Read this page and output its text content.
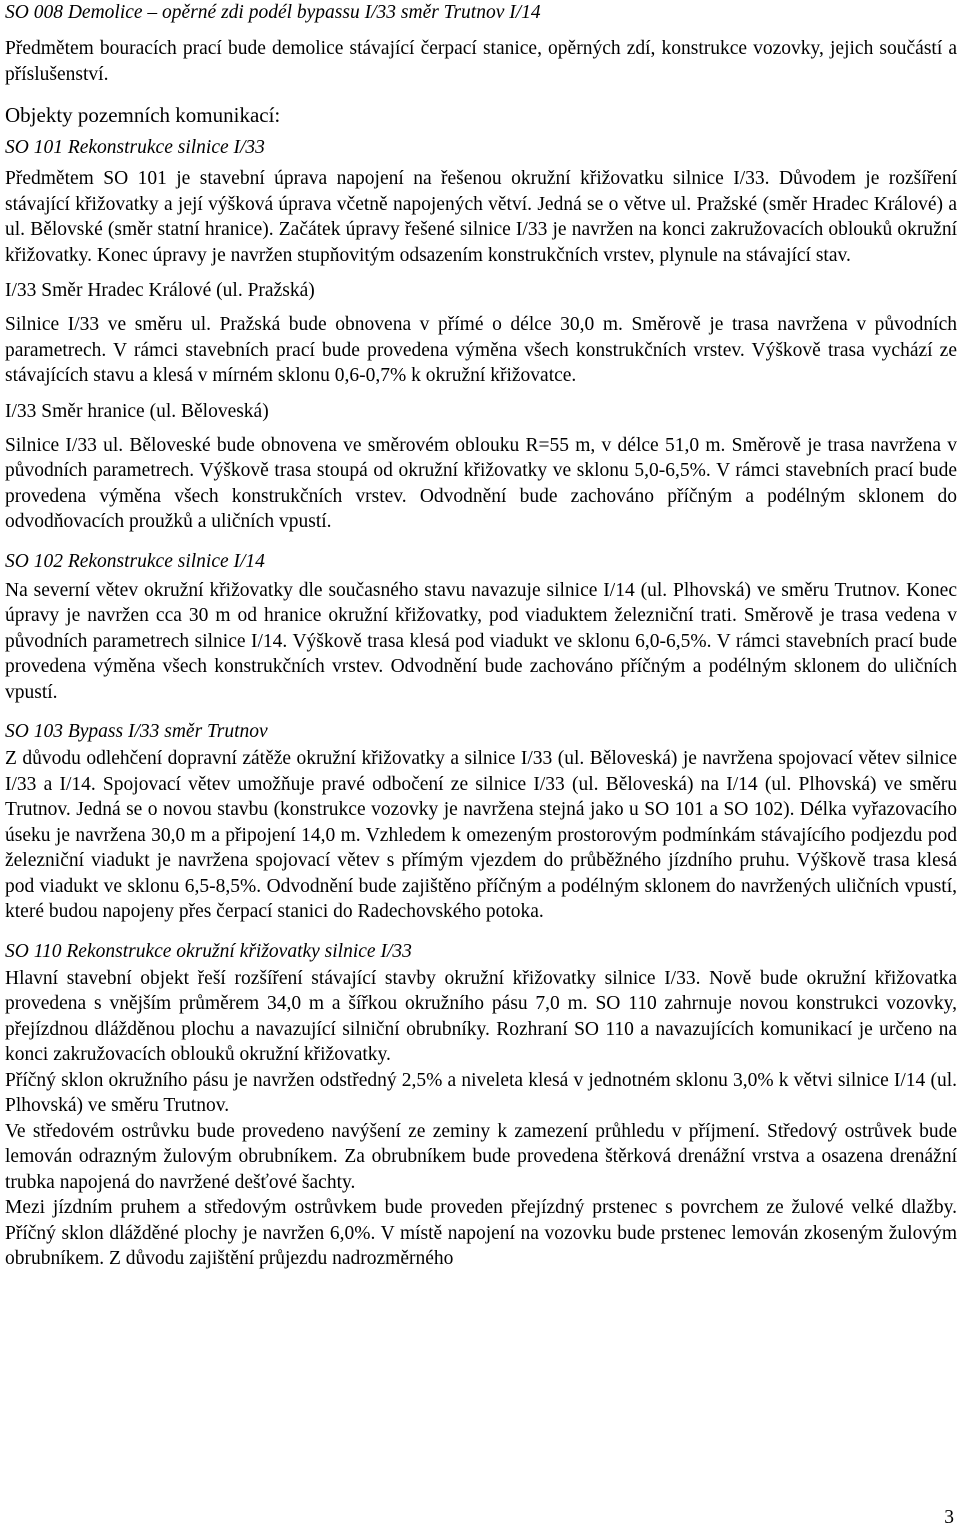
SO 008 Demolice – opěrné zdi podél bypassu I/33 směr Trutnov I/14

Předmětem bouracích prací bude demolice stávající čerpací stanice, opěrných zdí, konstrukce vozovky, jejich součástí a příslušenství.

Objekty pozemních komunikací:
SO 101 Rekonstrukce silnice I/33

Předmětem SO 101 je stavební úprava napojení na řešenou okružní křižovatku silnice I/33. Důvodem je rozšíření stávající křižovatky a její výšková úprava včetně napojených větví. Jedná se o větve ul. Pražské (směr Hradec Králové) a ul. Bělovské (směr statní hranice). Začátek úpravy řešené silnice I/33 je navržen na konci zakružovacích oblouků okružní křižovatky. Konec úpravy je navržen stupňovitým odsazením konstrukčních vrstev, plynule na stávající stav.

I/33 Směr Hradec Králové (ul. Pražská)

Silnice I/33 ve směru ul. Pražská bude obnovena v přímé o délce 30,0 m. Směrově je trasa navržena v původních parametrech. V rámci stavebních prací bude provedena výměna všech konstrukčních vrstev. Výškově trasa vychází ze stávajících stavu a klesá v mírném sklonu 0,6-0,7% k okružní křižovatce.

I/33 Směr hranice (ul. Běloveská)

Silnice I/33 ul. Běloveské bude obnovena ve směrovém oblouku R=55 m, v délce 51,0 m. Směrově je trasa navržena v původních parametrech. Výškově trasa stoupá od okružní křižovatky ve sklonu 5,0-6,5%. V rámci stavebních prací bude provedena výměna všech konstrukčních vrstev. Odvodnění bude zachováno příčným a podélným sklonem do odvodňovacích proužků a uličních vpustí.

SO 102 Rekonstrukce silnice I/14

Na severní větev okružní křižovatky dle současného stavu navazuje silnice I/14 (ul. Plhovská) ve směru Trutnov. Konec úpravy je navržen cca 30 m od hranice okružní křižovatky, pod viaduktem železniční trati. Směrově je trasa vedena v původních parametrech silnice I/14. Výškově trasa klesá pod viadukt ve sklonu 6,0-6,5%. V rámci stavebních prací bude provedena výměna všech konstrukčních vrstev. Odvodnění bude zachováno příčným a podélným sklonem do uličních vpustí.

SO 103 Bypass I/33 směr Trutnov

Z důvodu odlehčení dopravní zátěže okružní křižovatky a silnice I/33 (ul. Běloveská) je navržena spojovací větev silnice I/33 a I/14. Spojovací větev umožňuje pravé odbočení ze silnice I/33 (ul. Běloveská) na I/14 (ul. Plhovská) ve směru Trutnov. Jedná se o novou stavbu (konstrukce vozovky je navržena stejná jako u SO 101 a SO 102). Délka vyřazovacího úseku je navržena 30,0 m a připojení 14,0 m. Vzhledem k omezeným prostorovým podmínkám stávajícího podjezdu pod železniční viadukt je navržena spojovací větev s přímým vjezdem do průběžného jízdního pruhu. Výškově trasa klesá pod viadukt ve sklonu 6,5-8,5%. Odvodnění bude zajištěno příčným a podélným sklonem do navržených uličních vpustí, které budou napojeny přes čerpací stanici do Radechovského potoka.

SO 110 Rekonstrukce okružní křižovatky silnice I/33

Hlavní stavební objekt řeší rozšíření stávající stavby okružní křižovatky silnice I/33. Nově bude okružní křižovatka provedena s vnějším průměrem 34,0 m a šířkou okružního pásu 7,0 m. SO 110 zahrnuje novou konstrukci vozovky, přejízdnou dlážděnou plochu a navazující silniční obrubníky. Rozhraní SO 110 a navazujících komunikací je určeno na konci zakružovacích oblouků okružní křižovatky.

Příčný sklon okružního pásu je navržen odstředný 2,5% a niveleta klesá v jednotném sklonu 3,0% k větvi silnice I/14 (ul. Plhovská) ve směru Trutnov.

Ve středovém ostrůvku bude provedeno navýšení ze zeminy k zamezení průhledu v příjmení. Středový ostrůvek bude lemován odrazným žulovým obrubníkem. Za obrubníkem bude provedena štěrková drenážní vrstva a osazena drenážní trubka napojená do navržené dešťové šachty.

Mezi jízdním pruhem a středovým ostrůvkem bude proveden přejízdný prstenec s povrchem ze žulové velké dlažby. Příčný sklon dlážděné plochy je navržen 6,0%. V místě napojení na vozovku bude prstenec lemován zkoseným žulovým obrubníkem. Z důvodu zajištění průjezdu nadrozměrného

3
